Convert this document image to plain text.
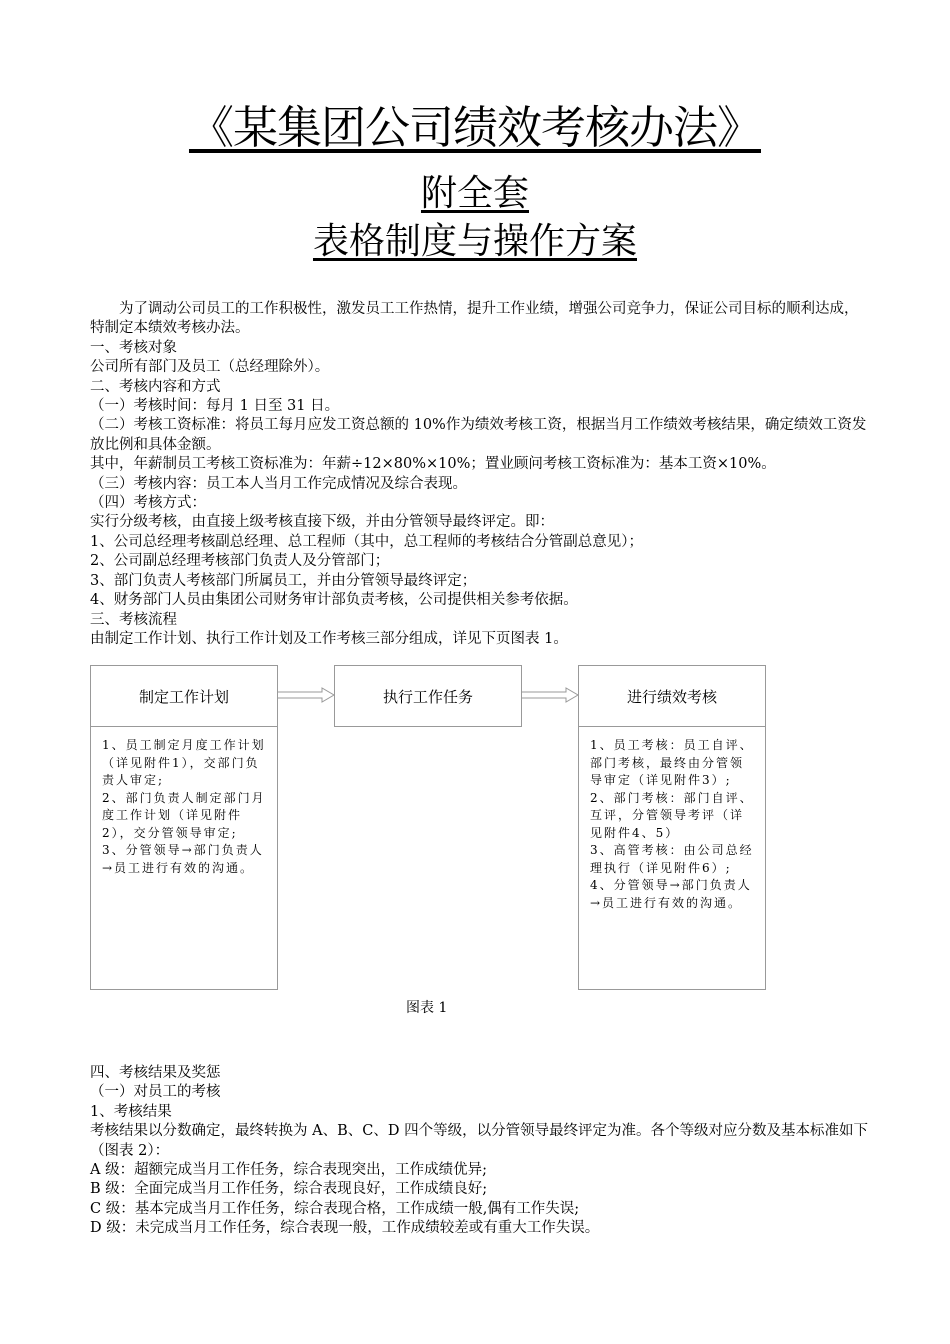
《某集团公司绩效考核办法》
附全套
表格制度与操作方案

为了调动公司员工的工作积极性，激发员工工作热情，提升工作业绩，增强公司竞争力，保证公司目标的顺利达成，特制定本绩效考核办法。

一、考核对象

公司所有部门及员工（总经理除外）。

二、考核内容和方式

（一）考核时间：每月 1 日至 31 日。

（二）考核工资标准：将员工每月应发工资总额的 10%作为绩效考核工资，根据当月工作绩效考核结果，确定绩效工资发放比例和具体金额。

其中，年薪制员工考核工资标准为：年薪÷12×80%×10%；置业顾问考核工资标准为：基本工资×10%。

（三）考核内容：员工本人当月工作完成情况及综合表现。

（四）考核方式：

实行分级考核，由直接上级考核直接下级，并由分管领导最终评定。即：

1、公司总经理考核副总经理、总工程师（其中，总工程师的考核结合分管副总意见）；

2、公司副总经理考核部门负责人及分管部门；

3、部门负责人考核部门所属员工，并由分管领导最终评定；

4、财务部门人员由集团公司财务审计部负责考核，公司提供相关参考依据。

三、考核流程

由制定工作计划、执行工作计划及工作考核三部分组成，详见下页图表 1。

制定工作计划

1、员工制定月度工作计划（详见附件1），交部门负责人审定;

2、部门负责人制定部门月度工作计划（详见附件2），交分管领导审定;

3、分管领导→部门负责人→员工进行有效的沟通。

执行工作任务	进行绩效考核

1、员工考核：员工自评、部门考核，最终由分管领导审定（详见附件3）;

2、部门考核：部门自评、互评，分管领导考评（详见附件4、5）

3、高管考核：由公司总经理执行（详见附件6）;

4、分管领导→部门负责人→员工进行有效的沟通。

图表 1

四、考核结果及奖惩

（一）对员工的考核

1、考核结果

考核结果以分数确定，最终转换为 A、B、C、D 四个等级，以分管领导最终评定为准。各个等级对应分数及基本标准如下（图表 2）：

A 级：超额完成当月工作任务，综合表现突出，工作成绩优异;

B 级：全面完成当月工作任务，综合表现良好，工作成绩良好;

C 级：基本完成当月工作任务，综合表现合格，工作成绩一般,偶有工作失误;

D 级：未完成当月工作任务，综合表现一般，工作成绩较差或有重大工作失误。
